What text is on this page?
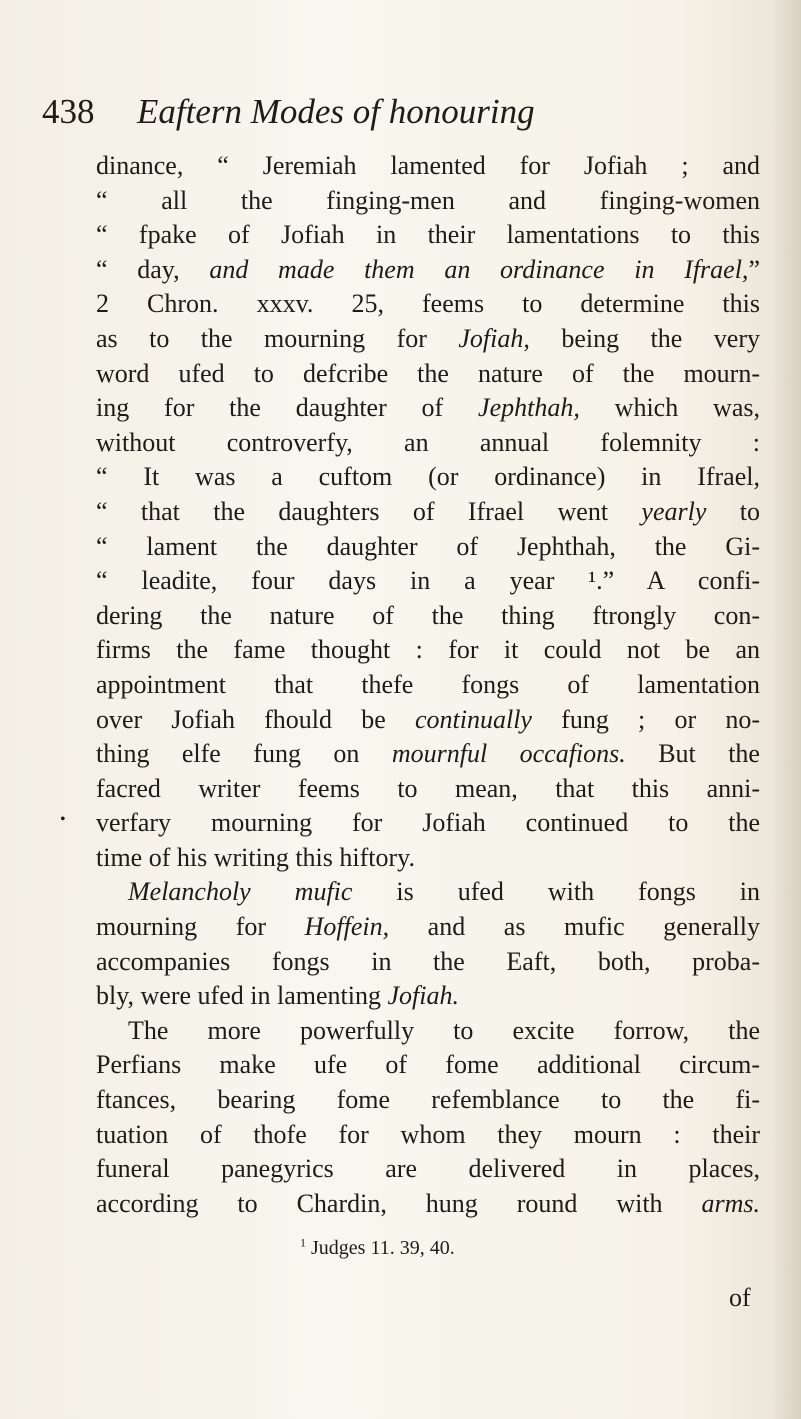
438 Eaftern Modes of honouring
dinance, “ Jeremiah lamented for Jofiah ; and
“ all the finging-men and finging-women
“ fpake of Jofiah in their lamentations to this
“ day, and made them an ordinance in Ifrael,”
2 Chron. xxxv. 25, feems to determine this
as to the mourning for Jofiah, being the very
word ufed to defcribe the nature of the mourn-
ing for the daughter of Jephthah, which was,
without controverfy, an annual folemnity :
“ It was a cuftom (or ordinance) in Ifrael,
“ that the daughters of Ifrael went yearly to
“ lament the daughter of Jephthah, the Gi-
“ leadite, four days in a year ¹.” A confi-
dering the nature of the thing ftrongly con-
firms the fame thought : for it could not be an
appointment that thefe fongs of lamentation
over Jofiah fhould be continually fung ; or no-
thing elfe fung on mournful occafions. But the
facred writer feems to mean, that this anni-
verfary mourning for Jofiah continued to the
time of his writing this hiftory.
Melancholy mufic is ufed with fongs in
mourning for Hoffein, and as mufic generally
accompanies fongs in the Eaft, both, proba-
bly, were ufed in lamenting Jofiah.
The more powerfully to excite forrow, the
Perfians make ufe of fome additional circum-
ftances, bearing fome refemblance to the fi-
tuation of thofe for whom they mourn : their
funeral panegyrics are delivered in places,
according to Chardin, hung round with arms.
•
$^1$ Judges 11. 39, 40.
of
